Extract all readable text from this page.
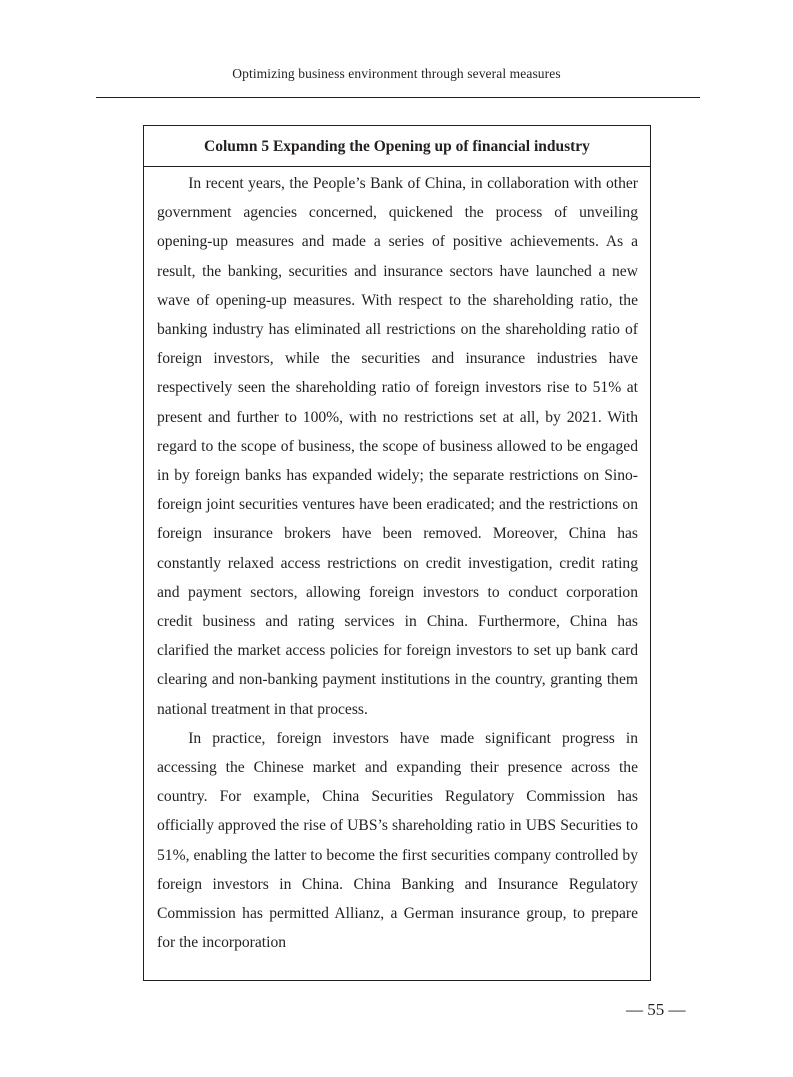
Optimizing business environment through several measures
Column 5 Expanding the Opening up of financial industry

In recent years, the People’s Bank of China, in collaboration with other government agencies concerned, quickened the process of unveiling opening-up measures and made a series of positive achievements. As a result, the banking, securities and insurance sectors have launched a new wave of opening-up measures. With respect to the shareholding ratio, the banking industry has eliminated all restrictions on the shareholding ratio of foreign investors, while the securities and insurance industries have respectively seen the shareholding ratio of foreign investors rise to 51% at present and further to 100%, with no restrictions set at all, by 2021. With regard to the scope of business, the scope of business allowed to be engaged in by foreign banks has expanded widely; the separate restrictions on Sino-foreign joint securities ventures have been eradicated; and the restrictions on foreign insurance brokers have been removed. Moreover, China has constantly relaxed access restrictions on credit investigation, credit rating and payment sectors, allowing foreign investors to conduct corporation credit business and rating services in China. Furthermore, China has clarified the market access policies for foreign investors to set up bank card clearing and non-banking payment institutions in the country, granting them national treatment in that process.

In practice, foreign investors have made significant progress in accessing the Chinese market and expanding their presence across the country. For example, China Securities Regulatory Commission has officially approved the rise of UBS’s shareholding ratio in UBS Securities to 51%, enabling the latter to become the first securities company controlled by foreign investors in China. China Banking and Insurance Regulatory Commission has permitted Allianz, a German insurance group, to prepare for the incorporation

— 55 —
